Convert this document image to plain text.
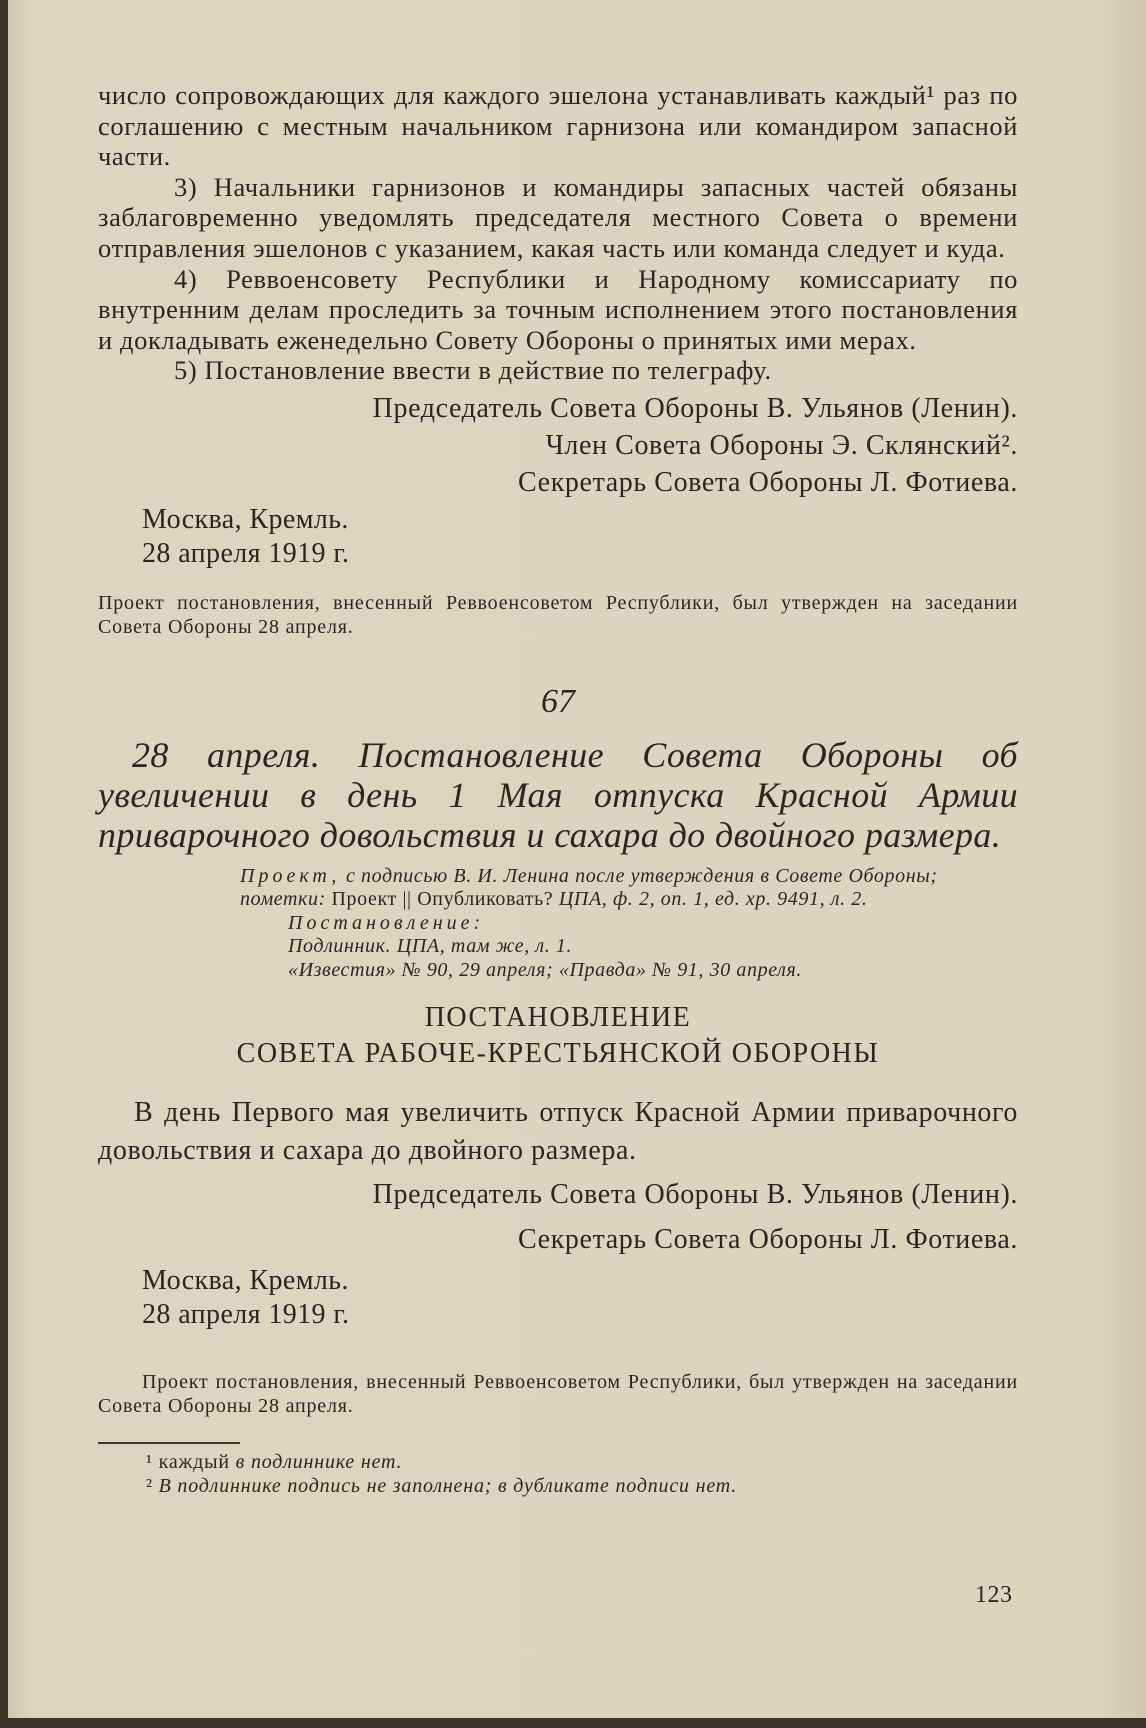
число сопровождающих для каждого эшелона устанавливать каждый¹ раз по соглашению с местным начальником гарнизона или командиром запасной части.

3) Начальники гарнизонов и командиры запасных частей обязаны заблаговременно уведомлять председателя местного Совета о времени отправления эшелонов с указанием, какая часть или команда следует и куда.

4) Реввоенсовету Республики и Народному комиссариату по внутренним делам проследить за точным исполнением этого постановления и докладывать еженедельно Совету Обороны о принятых ими мерах.

5) Постановление ввести в действие по телеграфу.

Председатель Совета Обороны В. Ульянов (Ленин).

Член Совета Обороны Э. Склянский².

Секретарь Совета Обороны Л. Фотиева.

Москва, Кремль.

28 апреля 1919 г.

Проект постановления, внесенный Реввоенсоветом Республики, был утвержден на заседании Совета Обороны 28 апреля.

67

28 апреля. Постановление Совета Обороны об увеличении в день 1 Мая отпуска Красной Армии приварочного довольствия и сахара до двойного размера.

Проект, с подписью В. И. Ленина после утверждения в Совете Обороны; пометки: Проект || Опубликовать? ЦПА, ф. 2, оп. 1, ед. хр. 9491, л. 2.

Постановление:

Подлинник. ЦПА, там же, л. 1.

«Известия» № 90, 29 апреля; «Правда» № 91, 30 апреля.

ПОСТАНОВЛЕНИЕ

СОВЕТА РАБОЧЕ-КРЕСТЬЯНСКОЙ ОБОРОНЫ

В день Первого мая увеличить отпуск Красной Армии приварочного довольствия и сахара до двойного размера.

Председатель Совета Обороны В. Ульянов (Ленин).

Секретарь Совета Обороны Л. Фотиева.

Москва, Кремль.

28 апреля 1919 г.

Проект постановления, внесенный Реввоенсоветом Республики, был утвержден на заседании Совета Обороны 28 апреля.

¹ каждый в подлиннике нет.

² В подлиннике подпись не заполнена; в дубликате подписи нет.

123
